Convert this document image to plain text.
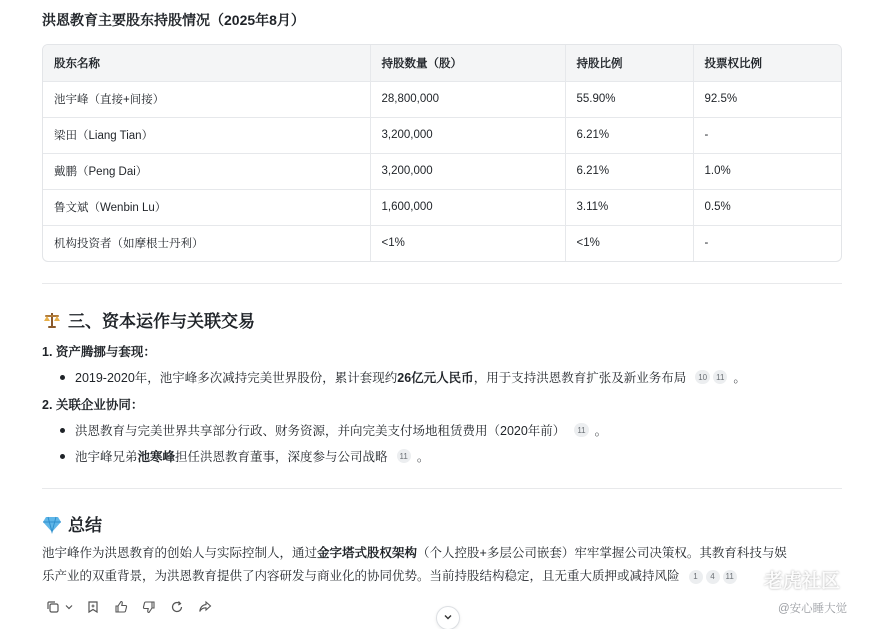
洪恩教育主要股东持股情况（2025年8月）
股东名称	持股数量（股）	持股比例	投票权比例
池宇峰（直接+间接）	28,800,000	55.90%	92.5%
梁田（Liang Tian）	3,200,000	6.21%	-
戴鹏（Peng Dai）	3,200,000	6.21%	1.0%
鲁文斌（Wenbin Lu）	1,600,000	3.11%	0.5%
机构投资者（如摩根士丹利）	<1%	<1%	-
三、资本运作与关联交易
1. 资产腾挪与套现：
2019-2020年，池宇峰多次减持完美世界股份，累计套现约 26亿元人民币 ，用于支持洪恩教育扩张及新业务布局	10	11 。
2. 关联企业协同：
洪恩教育与完美世界共享部分行政、财务资源，并向完美支付场地租赁费用（2020年前）	11 。
池宇峰兄弟 池寒峰 担任洪恩教育董事，深度参与公司战略	11 。
总结
池宇峰作为洪恩教育的创始人与实际控制人，通过金字塔式股权架构（个人控股+多层公司嵌套）牢牢掌握公司决策权。其教育科技与娱
乐产业的双重背景，为洪恩教育提供了内容研发与商业化的协同优势。当前持股结构稳定，且无重大质押或减持风险	1	4	11 老虎社区
@安心睡大觉
